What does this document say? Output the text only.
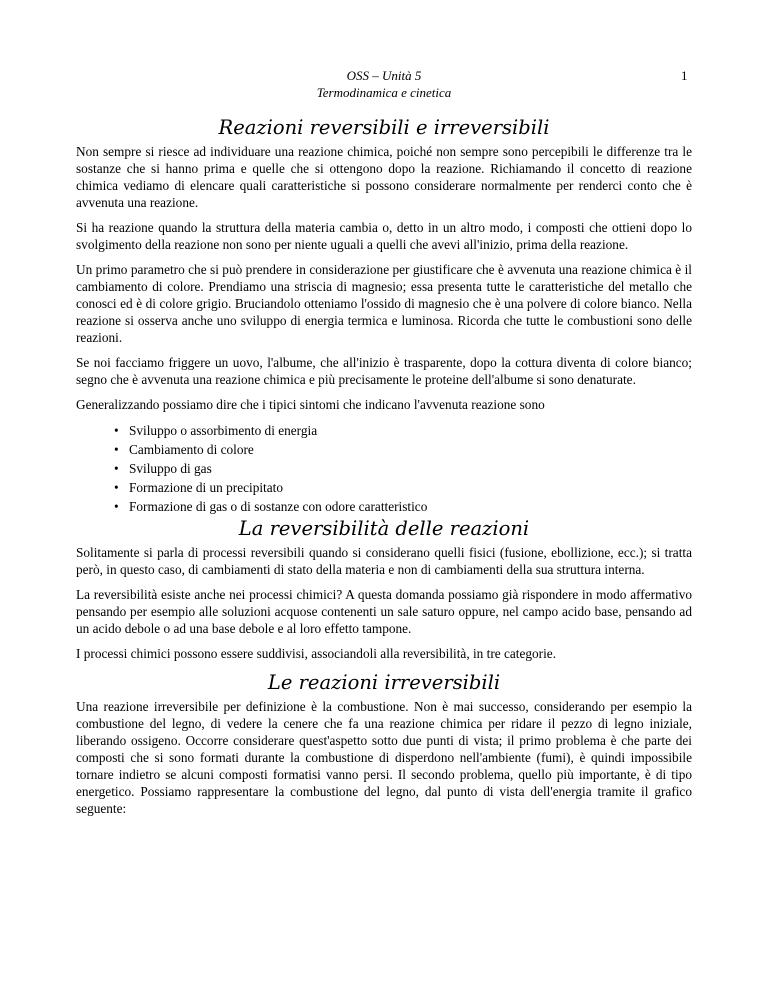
OSS – Unità 5
Termodinamica e cinetica
1
Reazioni reversibili e irreversibili

Non sempre si riesce ad individuare una reazione chimica, poiché non sempre sono percepibili le differenze tra le sostanze che si hanno prima e quelle che si ottengono dopo la reazione. Richiamando il concetto di reazione chimica vediamo di elencare quali caratteristiche si possono considerare normalmente per renderci conto che è avvenuta una reazione.

Si ha reazione quando la struttura della materia cambia o, detto in un altro modo, i composti che ottieni dopo lo svolgimento della reazione non sono per niente uguali a quelli che avevi all'inizio, prima della reazione.

Un primo parametro che si può prendere in considerazione per giustificare che è avvenuta una reazione chimica è il cambiamento di colore. Prendiamo una striscia di magnesio; essa presenta tutte le caratteristiche del metallo che conosci ed è di colore grigio. Bruciandolo otteniamo l'ossido di magnesio che è una polvere di colore bianco. Nella reazione si osserva anche uno sviluppo di energia termica e luminosa. Ricorda che tutte le combustioni sono delle reazioni.

Se noi facciamo friggere un uovo, l'albume, che all'inizio è trasparente, dopo la cottura diventa di colore bianco; segno che è avvenuta una reazione chimica e più precisamente le proteine dell'albume si sono denaturate.

Generalizzando possiamo dire che i tipici sintomi che indicano l'avvenuta reazione sono

• Sviluppo o assorbimento di energia
• Cambiamento di colore
• Sviluppo di gas
• Formazione di un precipitato
• Formazione di gas o di sostanze con odore caratteristico
La reversibilità delle reazioni

Solitamente si parla di processi reversibili quando si considerano quelli fisici (fusione, ebollizione, ecc.); si tratta però, in questo caso, di cambiamenti di stato della materia e non di cambiamenti della sua struttura interna.

La reversibilità esiste anche nei processi chimici? A questa domanda possiamo già rispondere in modo affermativo pensando per esempio alle soluzioni acquose contenenti un sale saturo oppure, nel campo acido base, pensando ad un acido debole o ad una base debole e al loro effetto tampone.

I processi chimici possono essere suddivisi, associandoli alla reversibilità, in tre categorie.

Le reazioni irreversibili

Una reazione irreversibile per definizione è la combustione. Non è mai successo, considerando per esempio la combustione del legno, di vedere la cenere che fa una reazione chimica per ridare il pezzo di legno iniziale, liberando ossigeno. Occorre considerare quest'aspetto sotto due punti di vista; il primo problema è che parte dei composti che si sono formati durante la combustione di disperdono nell'ambiente (fumi), è quindi impossibile tornare indietro se alcuni composti formatisi vanno persi. Il secondo problema, quello più importante, è di tipo energetico. Possiamo rappresentare la combustione del legno, dal punto di vista dell'energia tramite il grafico seguente:
